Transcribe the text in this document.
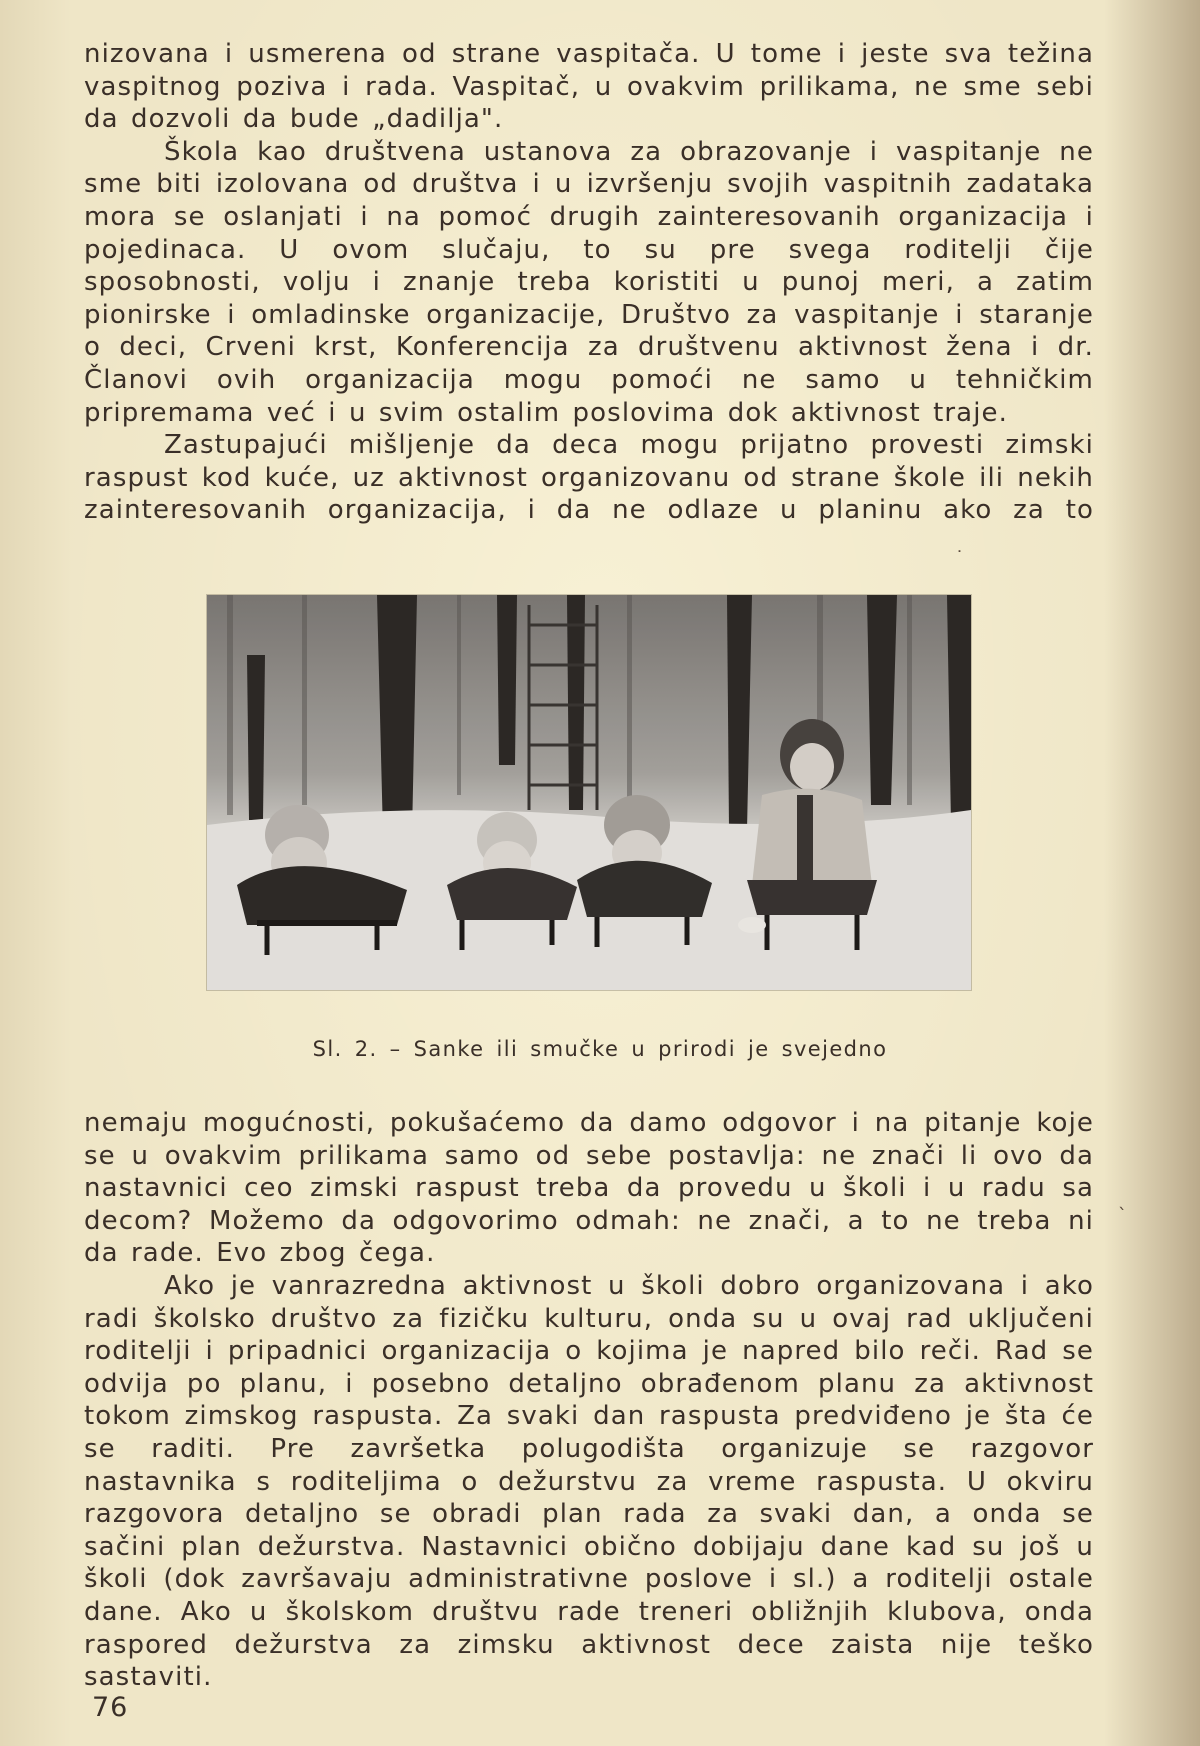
nizovana i usmerena od strane vaspitača. U tome i jeste sva težina vaspitnog poziva i rada. Vaspitač, u ovakvim prilikama, ne sme sebi da dozvoli da bude „dadilja".

Škola kao društvena ustanova za obrazovanje i vaspitanje ne sme biti izolovana od društva i u izvršenju svojih vaspitnih zadataka mora se oslanjati i na pomoć drugih zainteresovanih organizacija i pojedinaca. U ovom slučaju, to su pre svega roditelji čije sposobnosti, volju i znanje treba koristiti u punoj meri, a zatim pionirske i omladinske organizacije, Društvo za vaspitanje i staranje o deci, Crveni krst, Konferencija za društvenu aktivnost žena i dr. Članovi ovih organizacija mogu pomoći ne samo u tehničkim pripremama već i u svim ostalim poslovima dok aktivnost traje.

Zastupajući mišljenje da deca mogu prijatno provesti zimski raspust kod kuće, uz aktivnost organizovanu od strane škole ili nekih zainteresovanih organizacija, i da ne odlaze u planinu ako za to

Sl. 2. – Sanke ili smučke u prirodi je svejedno

nemaju mogućnosti, pokušaćemo da damo odgovor i na pitanje koje se u ovakvim prilikama samo od sebe postavlja: ne znači li ovo da nastavnici ceo zimski raspust treba da provedu u školi i u radu sa decom? Možemo da odgovorimo odmah: ne znači, a to ne treba ni da rade. Evo zbog čega.

Ako je vanrazredna aktivnost u školi dobro organizovana i ako radi školsko društvo za fizičku kulturu, onda su u ovaj rad uključeni roditelji i pripadnici organizacija o kojima je napred bilo reči. Rad se odvija po planu, i posebno detaljno obrađenom planu za aktivnost tokom zimskog raspusta. Za svaki dan raspusta predviđeno je šta će se raditi. Pre završetka polugodišta organizuje se razgovor nastavnika s roditeljima o dežurstvu za vreme raspusta. U okviru razgovora detaljno se obradi plan rada za svaki dan, a onda se sačini plan dežurstva. Nastavnici obično dobijaju dane kad su još u školi (dok završavaju administrativne poslove i sl.) a roditelji ostale dane. Ako u školskom društvu rade treneri obližnjih klubova, onda raspored dežurstva za zimsku aktivnost dece zaista nije teško sastaviti.

76
˙
ˋ
